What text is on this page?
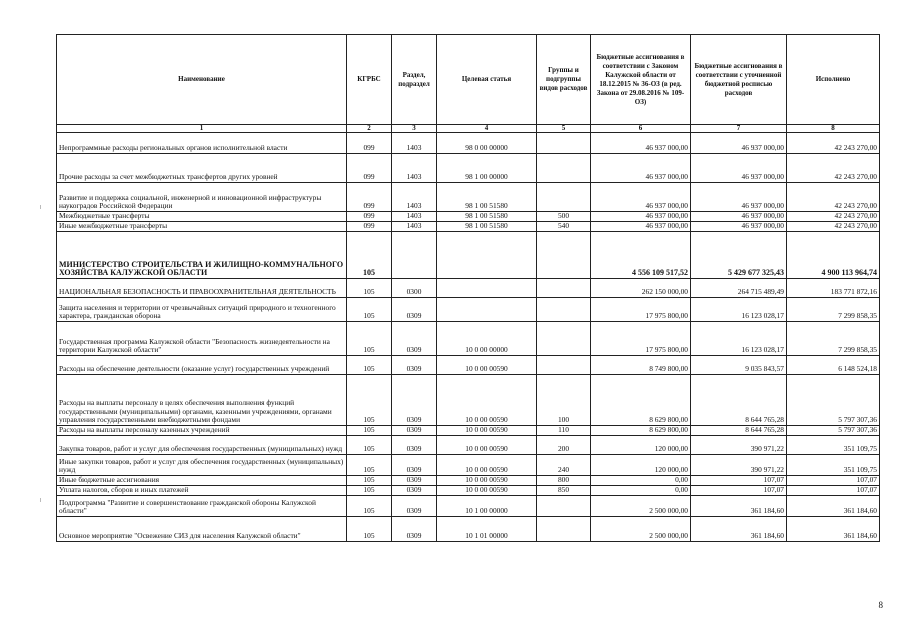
Наименование	КГРБС	Раздел, подраздел	Целевая статья	Группы и подгруппы видов расходов	Бюджетные ассигнования в соответствии с Законом Калужской области от 18.12.2015 № 36-ОЗ (в ред. Закона от 29.08.2016 № 109-ОЗ)	Бюджетные ассигнования в соответствии с уточненной бюджетной росписью расходов	Исполнено
1	2	3	4	5	6	7	8
Непрограммные расходы региональных органов исполнительной власти	099	1403	98 0 00 00000		46 937 000,00	46 937 000,00	42 243 270,00
Прочие расходы за счет межбюджетных трансфертов других уровней	099	1403	98 1 00 00000		46 937 000,00	46 937 000,00	42 243 270,00
Развитие и поддержка социальной, инженерной и инновационной инфраструктуры наукоградов Российской Федерации	099	1403	98 1 00 51580		46 937 000,00	46 937 000,00	42 243 270,00
Межбюджетные трансферты	099	1403	98 1 00 51580	500	46 937 000,00	46 937 000,00	42 243 270,00
Иные межбюджетные трансферты	099	1403	98 1 00 51580	540	46 937 000,00	46 937 000,00	42 243 270,00
МИНИСТЕРСТВО СТРОИТЕЛЬСТВА И ЖИЛИЩНО-КОММУНАЛЬНОГО ХОЗЯЙСТВА КАЛУЖСКОЙ ОБЛАСТИ	105				4 556 109 517,52	5 429 677 325,43	4 900 113 964,74
НАЦИОНАЛЬНАЯ БЕЗОПАСНОСТЬ И ПРАВООХРАНИТЕЛЬНАЯ ДЕЯТЕЛЬНОСТЬ	105	0300			262 150 000,00	264 715 489,49	183 771 872,16
Защита населения и территории от чрезвычайных ситуаций природного и техногенного характера, гражданская оборона	105	0309			17 975 800,00	16 123 028,17	7 299 858,35
Государственная программа Калужской области "Безопасность жизнедеятельности на территории Калужской области"	105	0309	10 0 00 00000		17 975 800,00	16 123 028,17	7 299 858,35
Расходы на обеспечение деятельности (оказание услуг) государственных учреждений	105	0309	10 0 00 00590		8 749 800,00	9 035 843,57	6 148 524,18
Расходы на выплаты персоналу в целях обеспечения выполнения функций государственными (муниципальными) органами, казенными учреждениями, органами управления государственными внебюджетными фондами	105	0309	10 0 00 00590	100	8 629 800,00	8 644 765,28	5 797 307,36
Расходы на выплаты персоналу казенных учреждений	105	0309	10 0 00 00590	110	8 629 800,00	8 644 765,28	5 797 307,36
Закупка товаров, работ и услуг для обеспечения государственных (муниципальных) нужд	105	0309	10 0 00 00590	200	120 000,00	390 971,22	351 109,75
Иные закупки товаров, работ и услуг для обеспечения государственных (муниципальных) нужд	105	0309	10 0 00 00590	240	120 000,00	390 971,22	351 109,75
Иные бюджетные ассигнования	105	0309	10 0 00 00590	800	0,00	107,07	107,07
Уплата налогов, сборов и иных платежей	105	0309	10 0 00 00590	850	0,00	107,07	107,07
Подпрограмма "Развитие и совершенствование гражданской обороны Калужской области"	105	0309	10 1 00 00000		2 500 000,00	361 184,60	361 184,60
Основное мероприятие "Освежение СИЗ для населения Калужской области"	105	0309	10 1 01 00000		2 500 000,00	361 184,60	361 184,60
8
